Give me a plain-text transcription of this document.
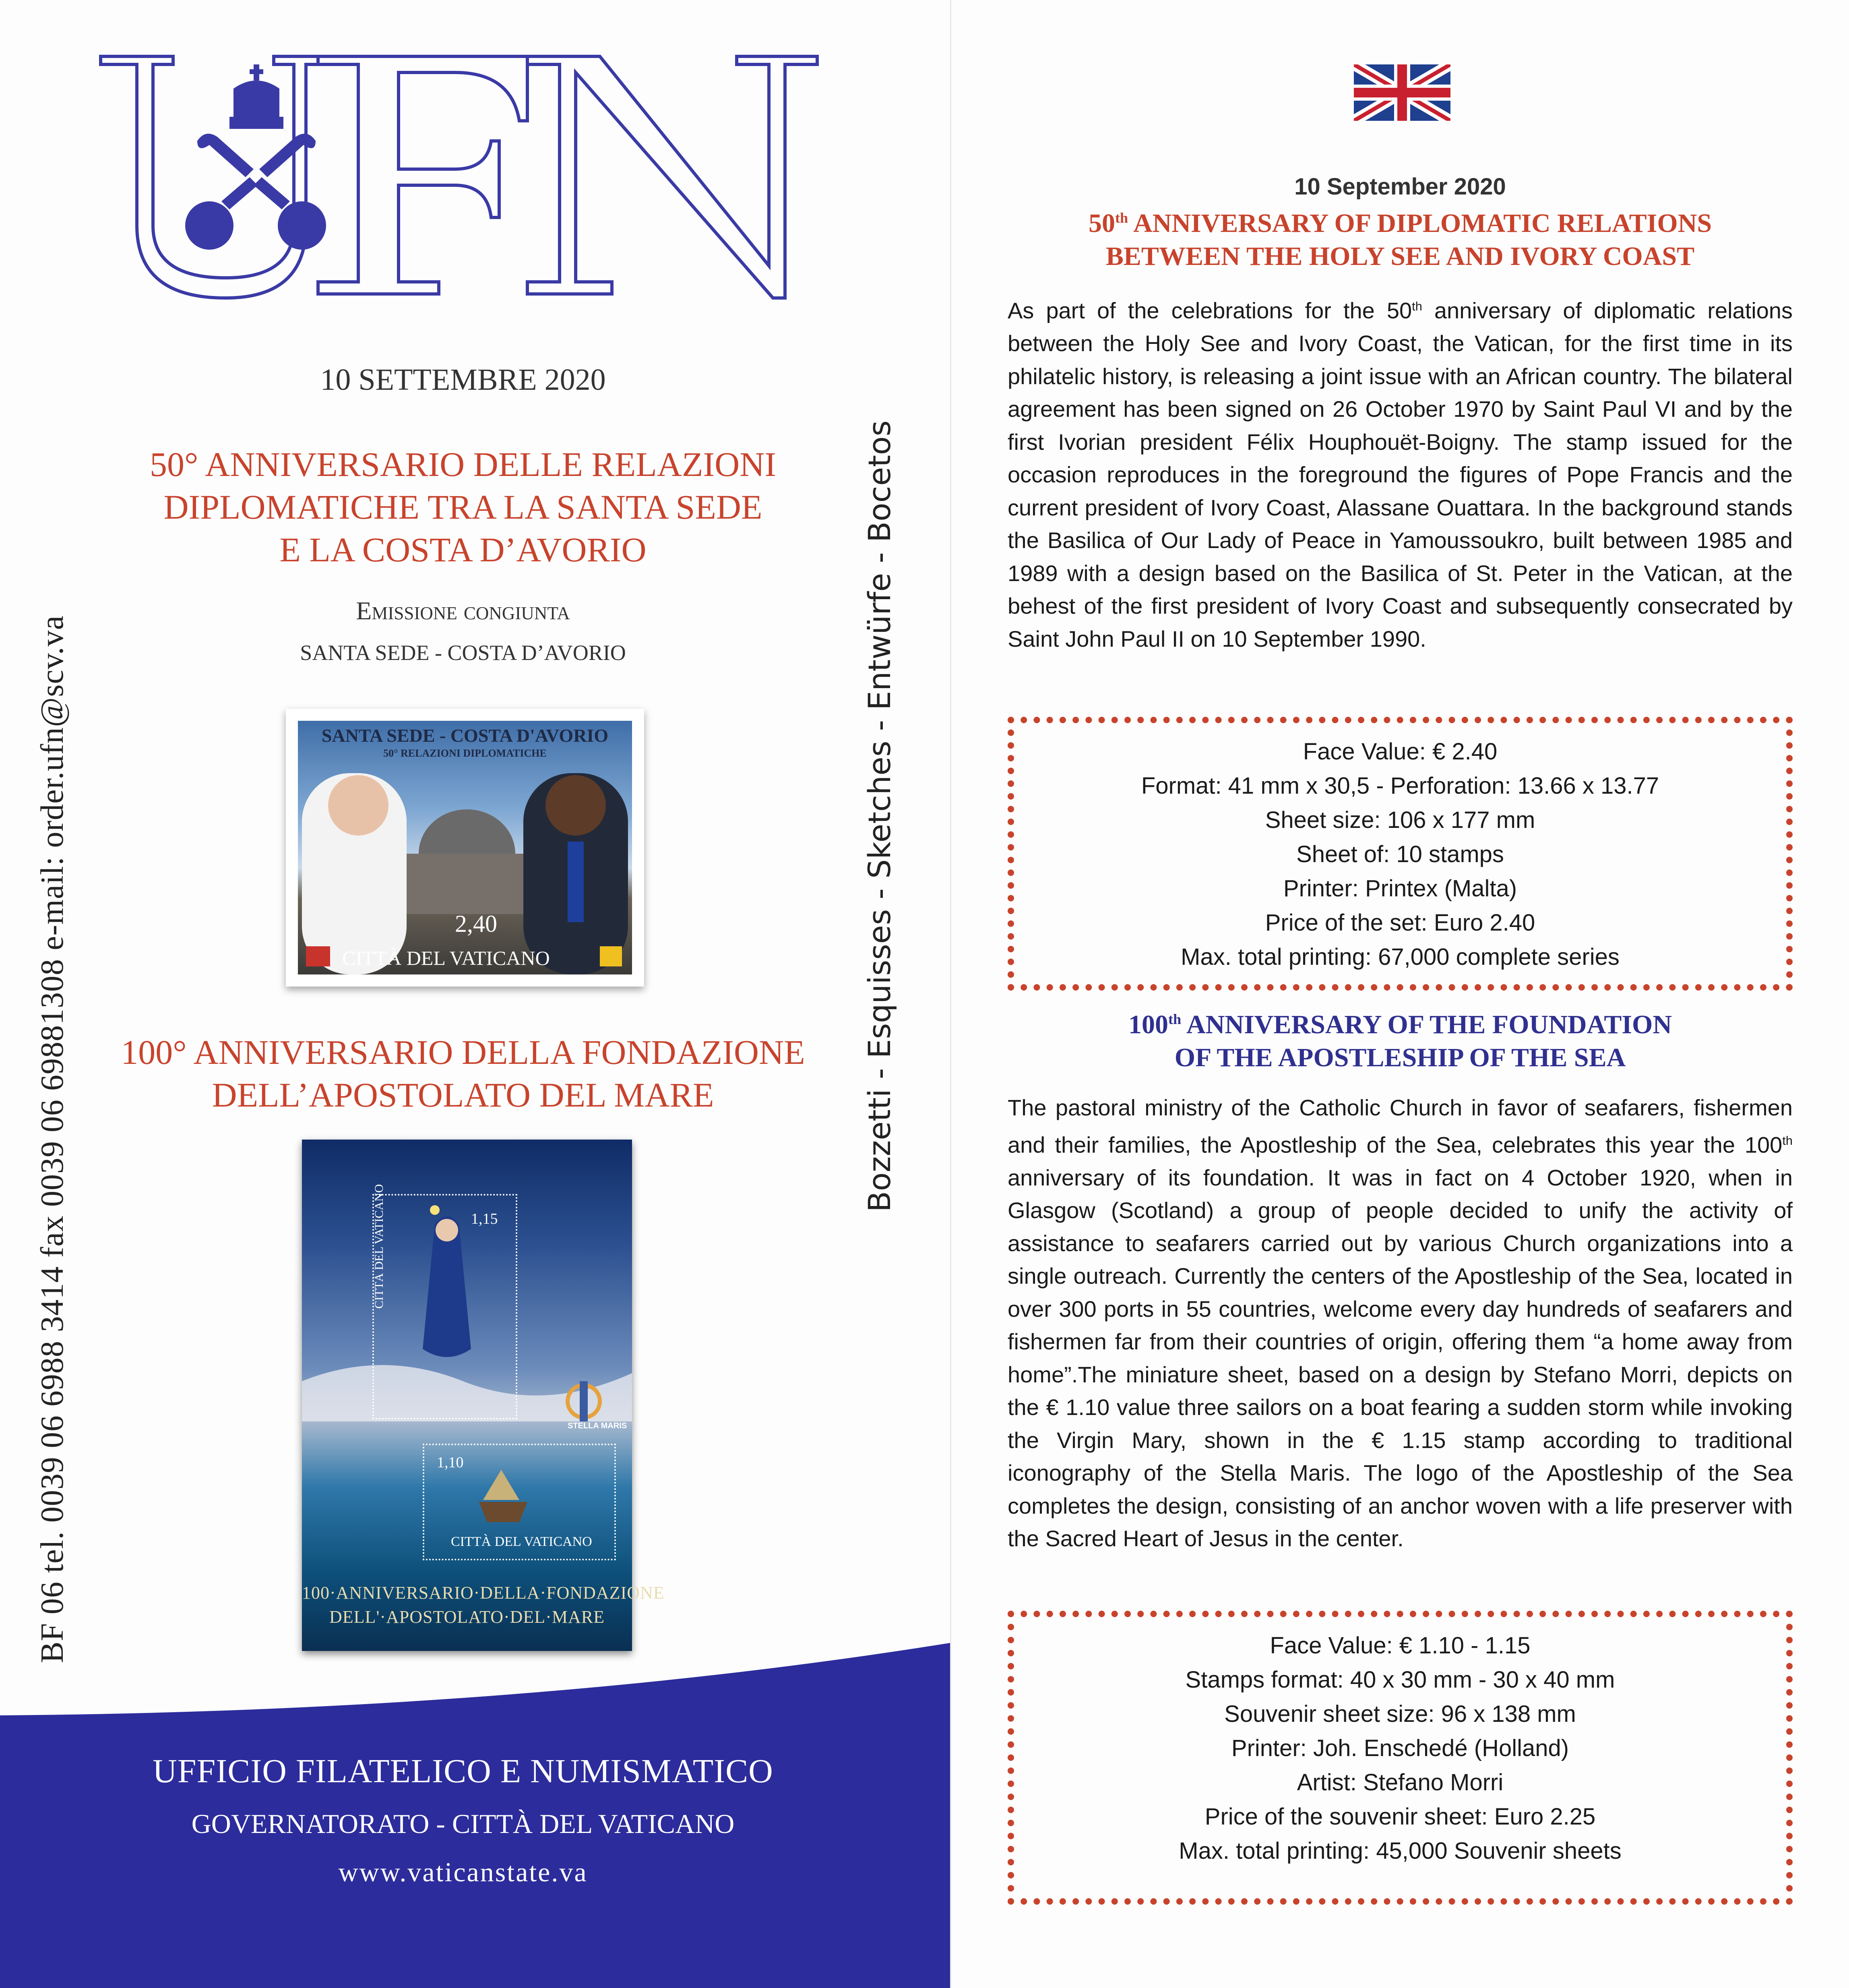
BF 06 tel. 0039 06 6988 3414 fax 0039 06 69881308 e-mail: order.ufn@scv.va	Bozzetti - Esquisses - Sketches - Entwürfe - Bocetos
10 SETTEMBRE 2020
50° ANNIVERSARIO DELLE RELAZIONI
DIPLOMATICHE TRA LA SANTA SEDE
E LA COSTA D’AVORIO
Emissione congiunta
SANTA SEDE - COSTA D’AVORIO
SANTA SEDE - COSTA D'AVORIO
50° RELAZIONI DIPLOMATICHE
2,40
CITTÀ DEL VATICANO
100° ANNIVERSARIO DELLA FONDAZIONE
DELL’APOSTOLATO DEL MARE
1,15
1,10
CITTÀ DEL VATICANO
CITTÀ DEL VATICANO
STELLA MARIS
100·ANNIVERSARIO·DELLA·FONDAZIONE
DELL'·APOSTOLATO·DEL·MARE
UFFICIO FILATELICO E NUMISMATICO
GOVERNATORATO - CITTÀ DEL VATICANO
www.vaticanstate.va
10 September 2020
50th ANNIVERSARY OF DIPLOMATIC RELATIONS
BETWEEN THE HOLY SEE AND IVORY COAST
As part of the celebrations for the 50th anniversary of diplomatic relations between the Holy See and Ivory Coast, the Vatican, for the first time in its philatelic history, is releasing a joint issue with an African country. The bilateral agreement has been signed on 26 October 1970 by Saint Paul VI and by the first Ivorian president Félix Houphouët-Boigny. The stamp issued for the occasion reproduces in the foreground the figures of Pope Francis and the current president of Ivory Coast, Alassane Ouattara. In the background stands the Basilica of Our Lady of Peace in Yamoussoukro, built between 1985 and 1989 with a design based on the Basilica of St. Peter in the Vatican, at the behest of the first president of Ivory Coast and subsequently consecrated by Saint John Paul II on 10 September 1990.
Face Value: € 2.40
Format: 41 mm x 30,5 - Perforation: 13.66 x 13.77
Sheet size: 106 x 177 mm
Sheet of: 10 stamps
Printer: Printex (Malta)
Price of the set: Euro 2.40
Max. total printing: 67,000 complete series
100th ANNIVERSARY OF THE FOUNDATION
OF THE APOSTLESHIP OF THE SEA
The pastoral ministry of the Catholic Church in favor of seafarers, fishermen and their families, the Apostleship of the Sea, celebrates this year the 100th anniversary of its foundation. It was in fact on 4 October 1920, when in Glasgow (Scotland) a group of people decided to unify the activity of assistance to seafarers carried out by various Church organizations into a single outreach. Currently the centers of the Apostleship of the Sea, located in over 300 ports in 55 countries, welcome every day hundreds of seafarers and fishermen far from their countries of origin, offering them “a home away from home”.The miniature sheet, based on a design by Stefano Morri, depicts on the € 1.10 value three sailors on a boat fearing a sudden storm while invoking the Virgin Mary, shown in the € 1.15 stamp according to traditional iconography of the Stella Maris. The logo of the Apostleship of the Sea completes the design, consisting of an anchor woven with a life preserver with the Sacred Heart of Jesus in the center.
Face Value: € 1.10 - 1.15
Stamps format: 40 x 30 mm - 30 x 40 mm
Souvenir sheet size: 96 x 138 mm
Printer: Joh. Enschedé (Holland)
Artist: Stefano Morri
Price of the souvenir sheet: Euro 2.25
Max. total printing: 45,000 Souvenir sheets
